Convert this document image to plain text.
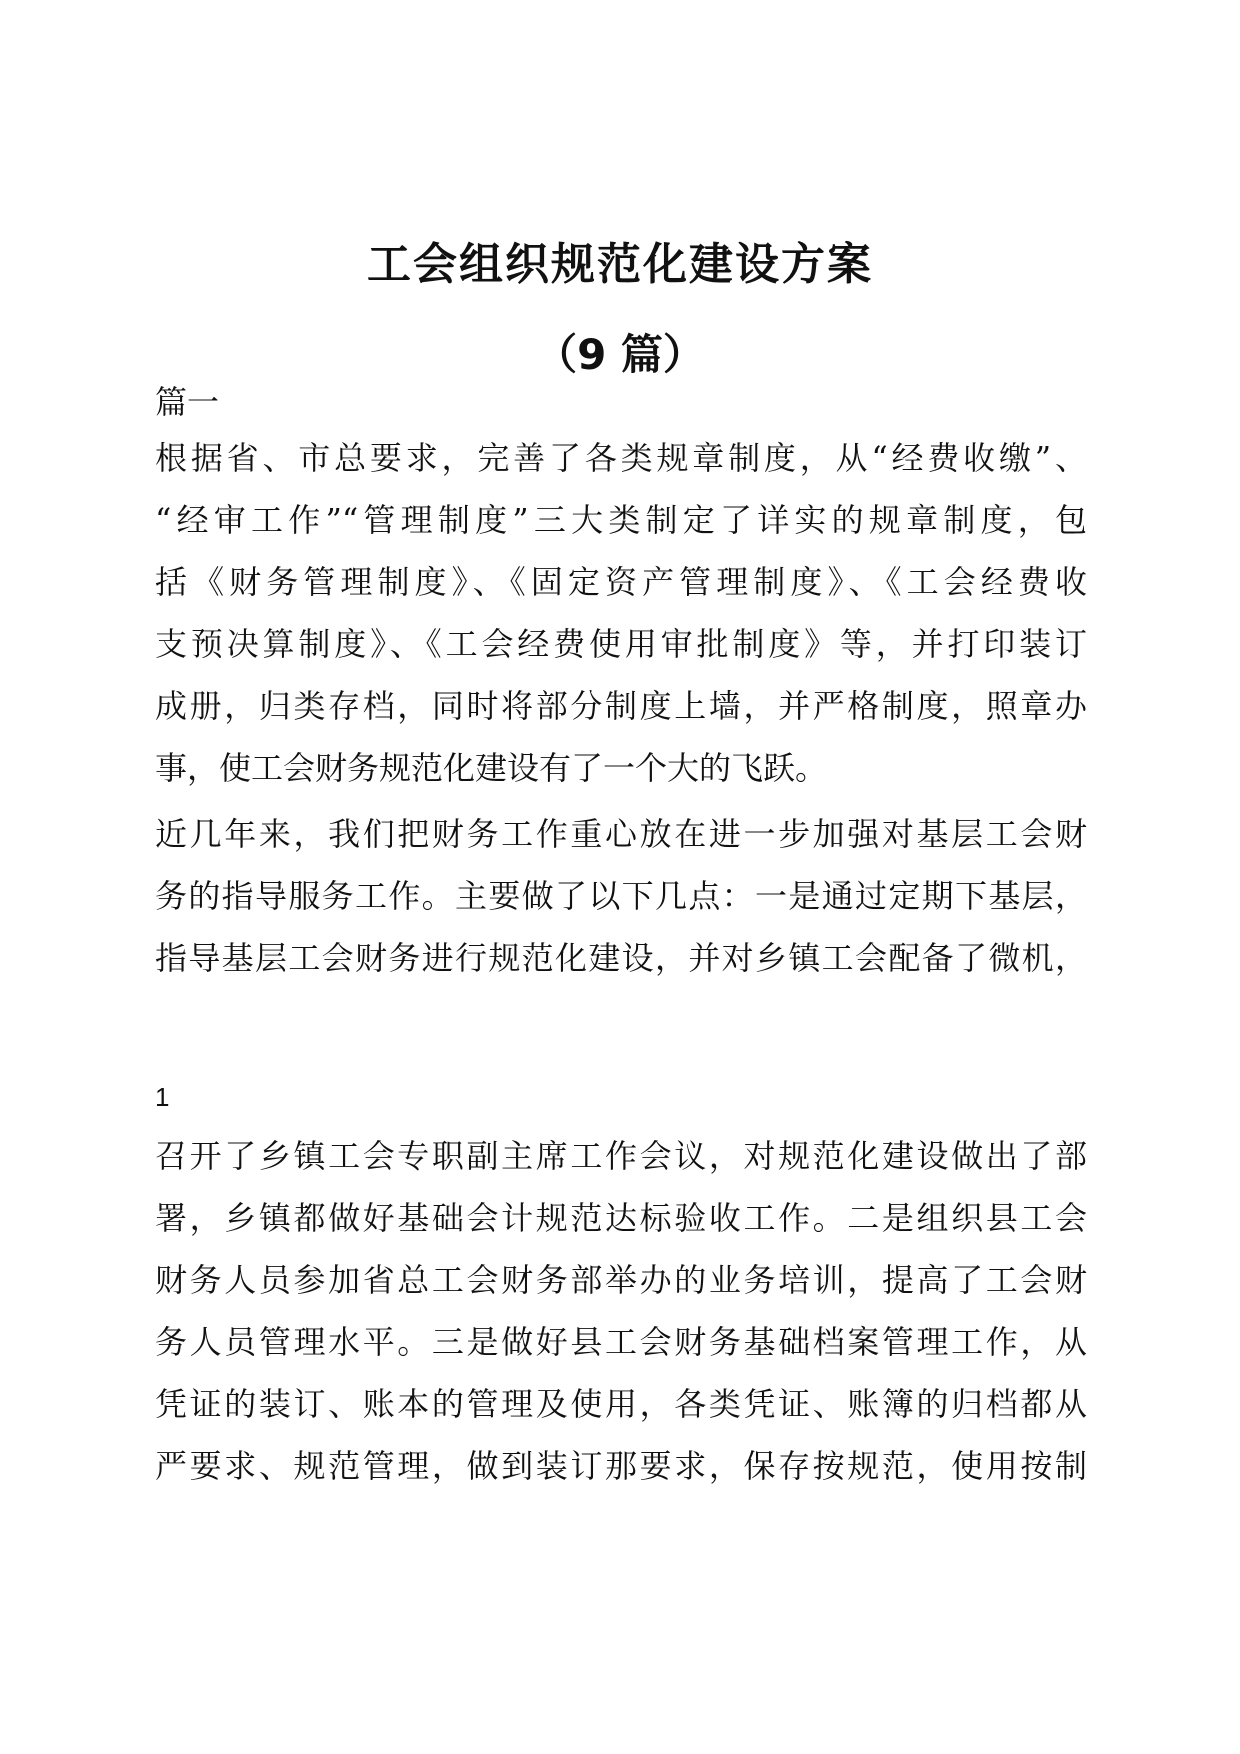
工会组织规范化建设方案
（9 篇）
篇一
根据省、市总要求，完善了各类规章制度，从“经费收缴”、
“经审工作”“管理制度”三大类制定了详实的规章制度，包
括《财务管理制度》、《固定资产管理制度》、《工会经费收
支预决算制度》、《工会经费使用审批制度》等，并打印装订
成册，归类存档，同时将部分制度上墙，并严格制度，照章办
事，使工会财务规范化建设有了一个大的飞跃。
近几年来，我们把财务工作重心放在进一步加强对基层工会财
务的指导服务工作。主要做了以下几点：一是通过定期下基层，
指导基层工会财务进行规范化建设，并对乡镇工会配备了微机，
1
召开了乡镇工会专职副主席工作会议，对规范化建设做出了部
署，乡镇都做好基础会计规范达标验收工作。二是组织县工会
财务人员参加省总工会财务部举办的业务培训，提高了工会财
务人员管理水平。三是做好县工会财务基础档案管理工作，从
凭证的装订、账本的管理及使用，各类凭证、账簿的归档都从
严要求、规范管理，做到装订那要求，保存按规范，使用按制
